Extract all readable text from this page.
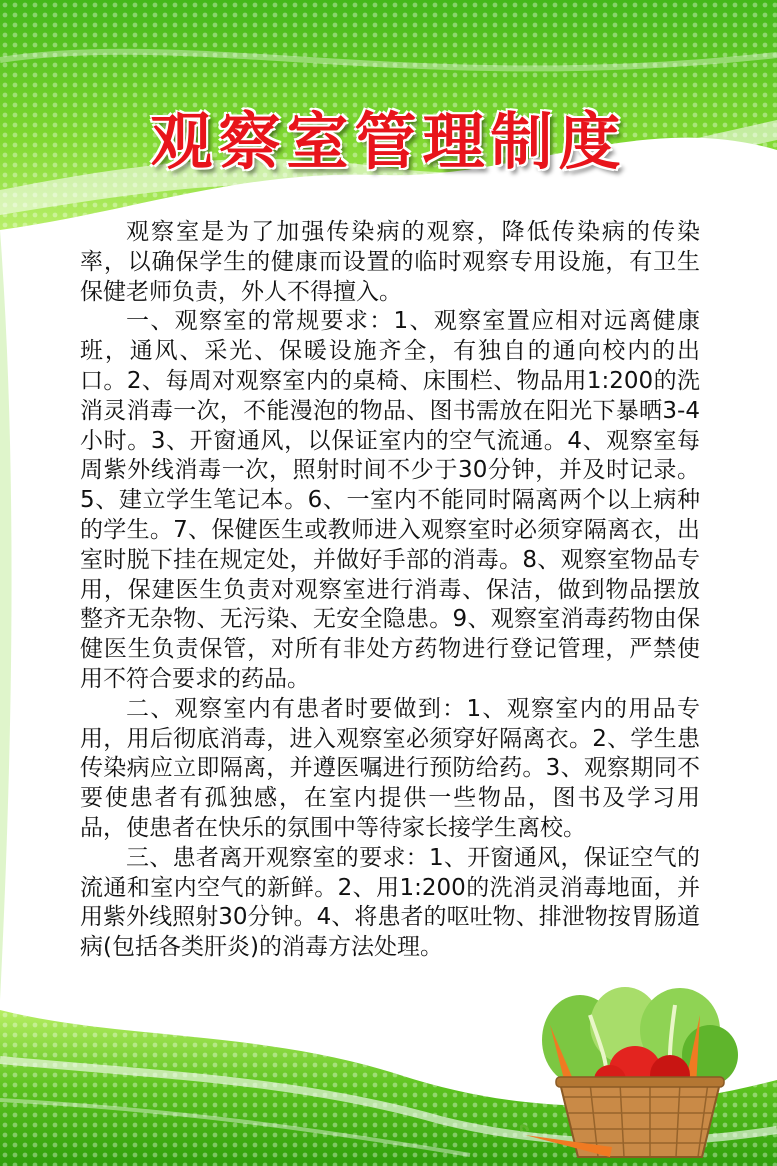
观察室管理制度

观察室是为了加强传染病的观察，降低传染病的传染率，以确保学生的健康而设置的临时观察专用设施，有卫生保健老师负责，外人不得擅入。

一、观察室的常规要求：1、观察室置应相对远离健康班，通风、采光、保暖设施齐全，有独自的通向校内的出口。2、每周对观察室内的桌椅、床围栏、物品用1:200的洗消灵消毒一次，不能漫泡的物品、图书需放在阳光下暴晒3-4小时。3、开窗通风，以保证室内的空气流通。4、观察室每周紫外线消毒一次，照射时间不少于30分钟，并及时记录。5、建立学生笔记本。6、一室内不能同时隔离两个以上病种的学生。7、保健医生或教师进入观察室时必须穿隔离衣，出室时脱下挂在规定处，并做好手部的消毒。8、观察室物品专用，保建医生负责对观察室进行消毒、保洁，做到物品摆放整齐无杂物、无污染、无安全隐患。9、观察室消毒药物由保健医生负责保管，对所有非处方药物进行登记管理，严禁使用不符合要求的药品。

二、观察室内有患者时要做到：1、观察室内的用品专用，用后彻底消毒，进入观察室必须穿好隔离衣。2、学生患传染病应立即隔离，并遵医嘱进行预防给药。3、观察期同不要使患者有孤独感，在室内提供一些物品，图书及学习用品，使患者在快乐的氛围中等待家长接学生离校。

三、患者离开观察室的要求：1、开窗通风，保证空气的流通和室内空气的新鲜。2、用1:200的洗消灵消毒地面，并用紫外线照射30分钟。4、将患者的呕吐物、排泄物按胃肠道病(包括各类肝炎)的消毒方法处理。
